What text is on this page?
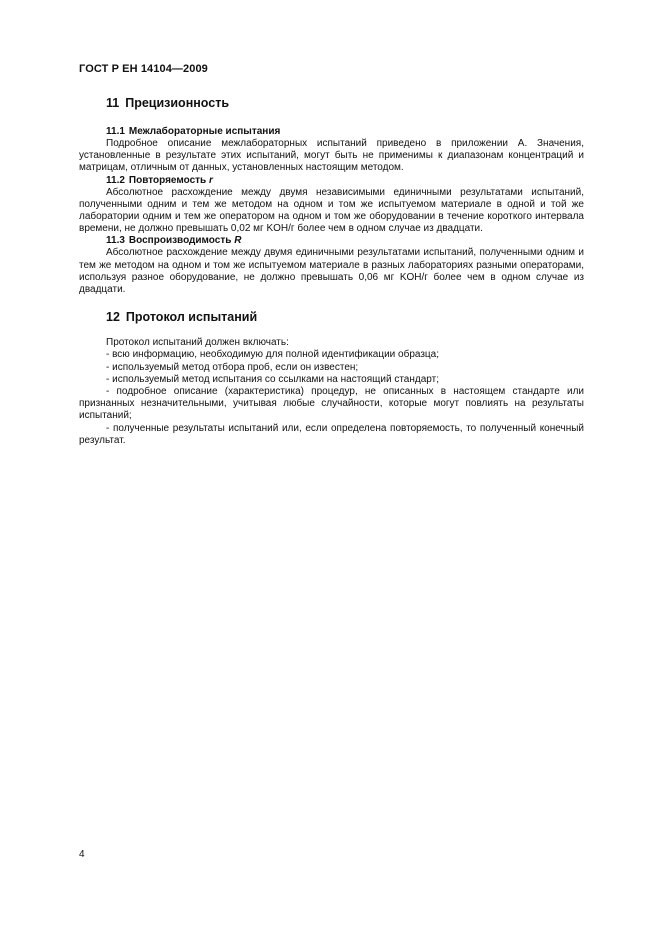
ГОСТ Р ЕН 14104—2009
11 Прецизионность
11.1 Межлабораторные испытания

Подробное описание межлабораторных испытаний приведено в приложении А. Значения, установленные в результате этих испытаний, могут быть не применимы к диапазонам концентраций и матрицам, отличным от данных, установленных настоящим методом.

11.2 Повторяемость r

Абсолютное расхождение между двумя независимыми единичными результатами испытаний, полученными одним и тем же методом на одном и том же испытуемом материале в одной и той же лаборатории одним и тем же оператором на одном и том же оборудовании в течение короткого интервала времени, не должно превышать 0,02 мг KOH/г более чем в одном случае из двадцати.

11.3 Воспроизводимость R

Абсолютное расхождение между двумя единичными результатами испытаний, полученными одним и тем же методом на одном и том же испытуемом материале в разных лабораториях разными операторами, используя разное оборудование, не должно превышать 0,06 мг KOH/г более чем в одном случае из двадцати.

12 Протокол испытаний

Протокол испытаний должен включать:

- всю информацию, необходимую для полной идентификации образца;
- используемый метод отбора проб, если он известен;
- используемый метод испытания со ссылками на настоящий стандарт;
- подробное описание (характеристика) процедур, не описанных в настоящем стандарте или признанных незначительными, учитывая любые случайности, которые могут повлиять на результаты испытаний;
- полученные результаты испытаний или, если определена повторяемость, то полученный конечный результат.
4
